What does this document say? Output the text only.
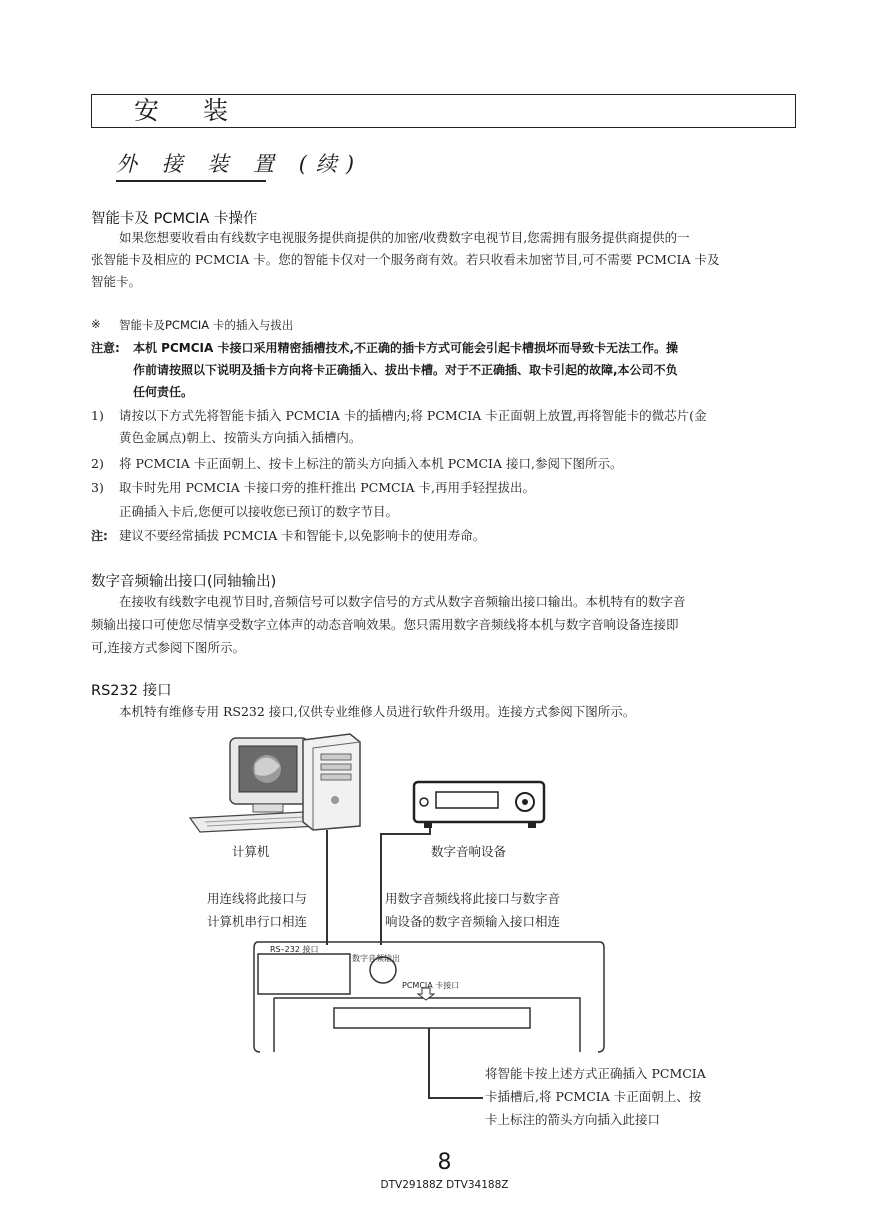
安 装
外 接 装 置 (续)
智能卡及 PCMCIA 卡操作
如果您想要收看由有线数字电视服务提供商提供的加密/收费数字电视节目,您需拥有服务提供商提供的一
张智能卡及相应的 PCMCIA 卡。您的智能卡仅对一个服务商有效。若只收看未加密节目,可不需要 PCMCIA 卡及
智能卡。
※ 智能卡及PCMCIA 卡的插入与拔出
注意: 本机 PCMCIA 卡接口采用精密插槽技术,不正确的插卡方式可能会引起卡槽损坏而导致卡无法工作。操
作前请按照以下说明及插卡方向将卡正确插入、拔出卡槽。对于不正确插、取卡引起的故障,本公司不负
任何责任。
1) 请按以下方式先将智能卡插入 PCMCIA 卡的插槽内;将 PCMCIA 卡正面朝上放置,再将智能卡的微芯片(金
黄色金属点)朝上、按箭头方向插入插槽内。
2) 将 PCMCIA 卡正面朝上、按卡上标注的箭头方向插入本机 PCMCIA 接口,参阅下图所示。
3) 取卡时先用 PCMCIA 卡接口旁的推杆推出 PCMCIA 卡,再用手轻捏拔出。
正确插入卡后,您便可以接收您已预订的数字节目。
注: 建议不要经常插拔 PCMCIA 卡和智能卡,以免影响卡的使用寿命。
数字音频输出接口(同轴输出)
在接收有线数字电视节目时,音频信号可以数字信号的方式从数字音频输出接口输出。本机特有的数字音
频输出接口可使您尽情享受数字立体声的动态音响效果。您只需用数字音频线将本机与数字音响设备连接即
可,连接方式参阅下图所示。
RS232 接口
本机特有维修专用 RS232 接口,仅供专业维修人员进行软件升级用。连接方式参阅下图所示。
计算机	数字音响设备
用连线将此接口与
计算机串行口相连
用数字音频线将此接口与数字音
响设备的数字音频输入接口相连
RS–232 接口
数字音频输出
PCMCIA 卡接口
将智能卡按上述方式正确插入 PCMCIA
卡插槽后,将 PCMCIA 卡正面朝上、按
卡上标注的箭头方向插入此接口
8
DTV29188Z DTV34188Z
